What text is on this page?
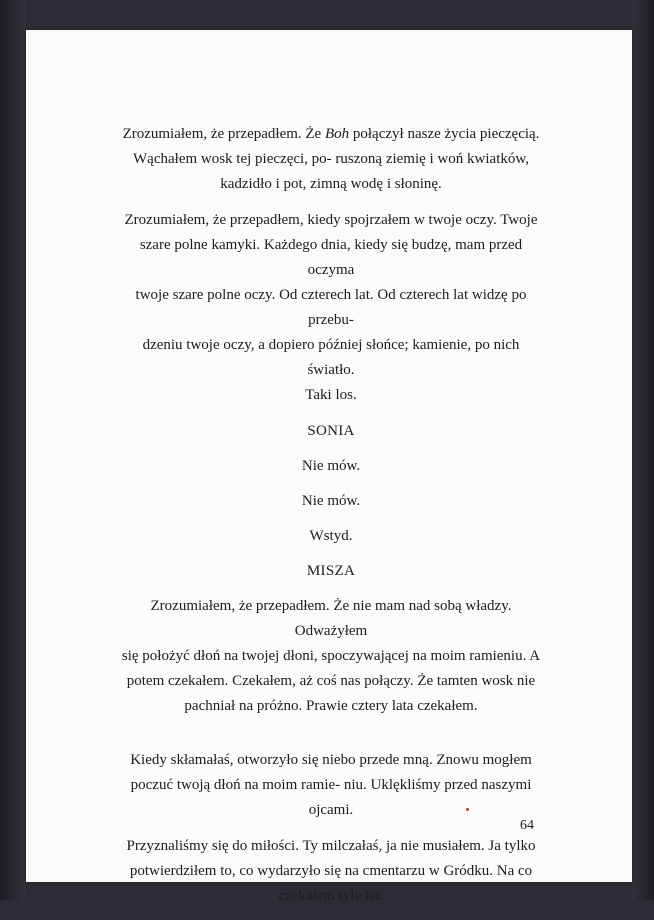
Zrozumiałem, że przepadłem. Że Boh połączył nasze życia pieczęcią.
Wąchałem wosk tej pieczęci, po- ruszoną ziemię i woń kwiatków,
kadzidło i pot, zimną wodę i słoninę.

Zrozumiałem, że przepadłem, kiedy spojrzałem w twoje oczy. Twoje
szare polne kamyki. Każdego dnia, kiedy się budzę, mam przed oczyma
twoje szare polne oczy. Od czterech lat. Od czterech lat widzę po przebu-
dzeniu twoje oczy, a dopiero później słońce; kamienie, po nich światło.
Taki los.

SONIA

Nie mów.

Nie mów.

Wstyd.

MISZA

Zrozumiałem, że przepadłem. Że nie mam nad sobą władzy. Odważyłem
się położyć dłoń na twojej dłoni, spoczywającej na moim ramieniu. A
potem czekałem. Czekałem, aż coś nas połączy. Że tamten wosk nie
pachniał na próżno. Prawie cztery lata czekałem.

Kiedy skłamałaś, otworzyło się niebo przede mną. Znowu mogłem
poczuć twoją dłoń na moim ramie- niu. Uklękliśmy przed naszymi
ojcami.

Przyznaliśmy się do miłości. Ty milczałaś, ja nie musiałem. Ja tylko
potwierdziłem to, co wydarzyło się na cmentarzu w Gródku. Na co
czekałem tyle lat.

64
